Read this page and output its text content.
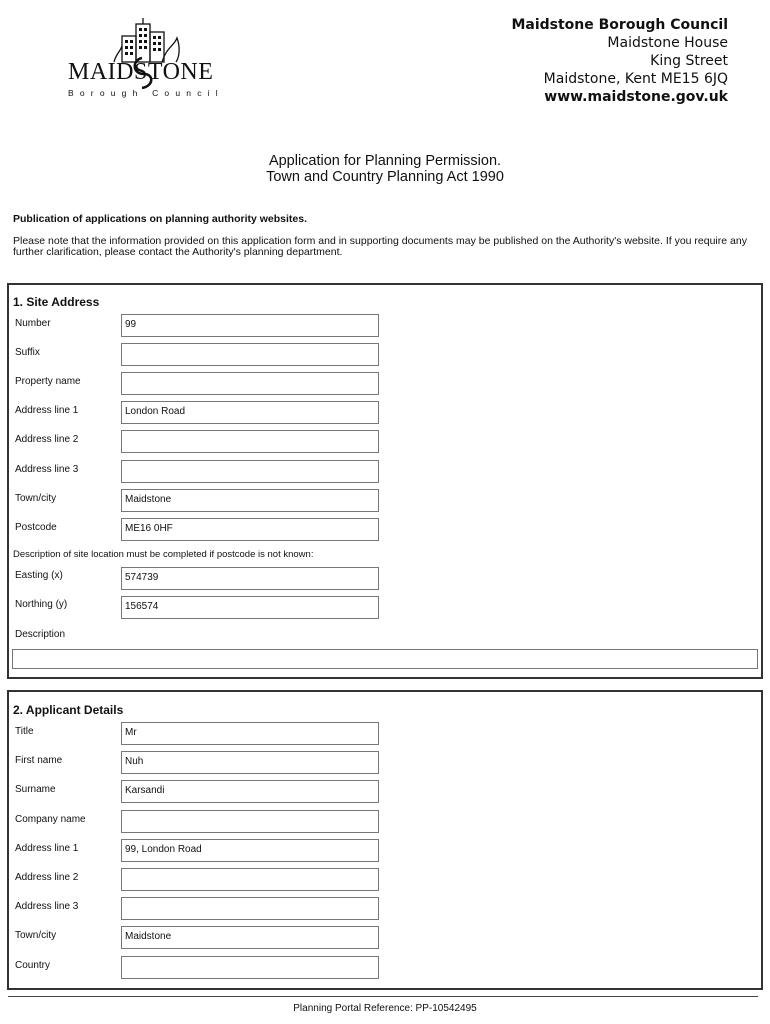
MAIDSTONE
Borough Council
Maidstone Borough Council
Maidstone House
King Street
Maidstone, Kent ME15 6JQ
www.maidstone.gov.uk
Application for Planning Permission.
Town and Country Planning Act 1990
Publication of applications on planning authority websites.
Please note that the information provided on this application form and in supporting documents may be published on the Authority's website. If you require any further clarification, please contact the Authority's planning department.
1. Site Address
Number	99
Suffix
Property name
Address line 1	London Road
Address line 2
Address line 3
Town/city	Maidstone
Postcode	ME16 0HF
Description of site location must be completed if postcode is not known:
Easting (x)	574739
Northing (y)	156574
Description
2. Applicant Details
Title	Mr
First name	Nuh
Surname	Karsandi
Company name
Address line 1	99, London Road
Address line 2
Address line 3
Town/city	Maidstone
Country
Planning Portal Reference: PP-10542495
